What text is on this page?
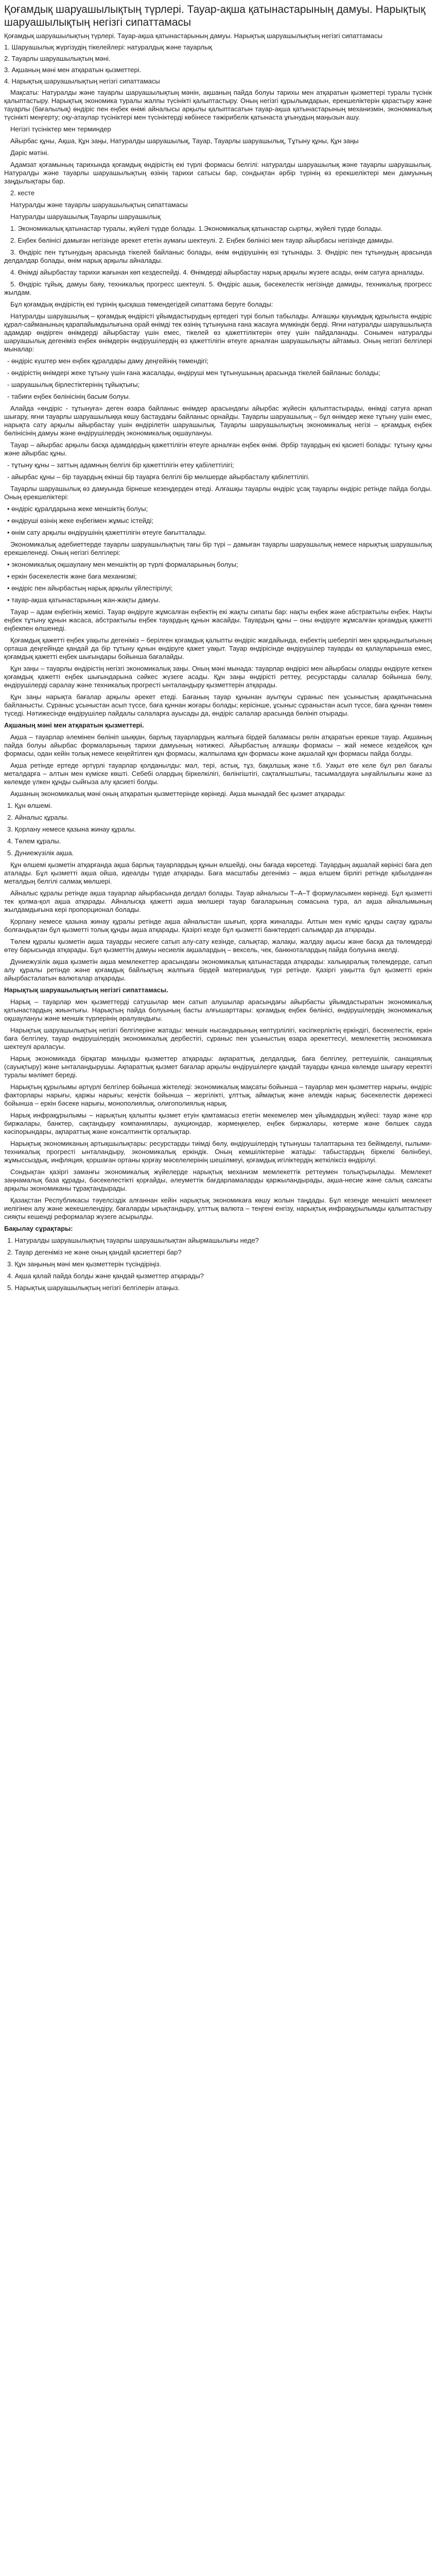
Қоғамдық шаруашылықтың түрлері. Тауар-ақша қатынастарының дамуы. Нарықтық шаруашылықтың негізгі сипаттамасы

Қоғамдық шаруашылықтың түрлері. Тауар-ақша қатынастарының дамуы. Нарықтық шаруашылықтың негізгі сипаттамасы

1. Шаруашылық жүргізудің тікелейлері: натуралдық және тауарлық

2. Тауарлы шаруашылықтың мәні.

3. Ақшаның мәні мен атқаратын қызметтері.

4. Нарықтық шаруашылықтың негізгі сипаттамасы

Мақсаты: Натуралды және тауарлы шаруашылықтың мәнін, ақшаның пайда болуы тарихы мен атқаратын қызметтері туралы түсінік қалыптастыру. Нарықтық экономика туралы жалпы түсінікті қалыптастыру. Оның негізгі құрылымдарын, ерекшеліктерін қарастыру және тауарлы (бағалылық) өндіріс пен еңбек өнімі айналысы арқылы қалыптасатын тауар-ақша қатынастарының механизмін, экономикалық түсінікті меңгерту; оқу-атаулар түсініктері мен түсініктерді көбінесе тәжірибелік қатынаста ұғынудың маңызын ашу.

Негізгі түсініктер мен терминдер

Айырбас құны, Ақша, Құн заңы, Натуралды шаруашылық, Тауар, Тауарлы шаруашылық, Тұтыну құны, Құн заңы

Дәріс мәтіні.

Адамзат қоғамының тарихында қоғамдық өндірістің екі түрлі формасы белгілі: натуралды шаруашылық және тауарлы шаруашылық. Натуралды және тауарлы шаруашылықтың өзінің тарихи сатысы бар, сондықтан әрбір түрінің өз ерекшеліктері мен дамуының заңдылықтары бар.

2. кесте

Натуралды және тауарлы шаруашылықтың сипаттамасы

Натуралды шаруашылық Тауарлы шаруашылық

1. Экономикалық қатынастар туралы, жүйелі түрде болады. 1.Экономикалық қатынастар сыртқы, жүйелі түрде болады.

2. Еңбек бөлінісі дамыған негізінде әрекет ететін аумағы шектеулі. 2. Еңбек бөлінісі мен тауар айырбасы негізінде дамиды.

3. Өндіріс пен тұтынудың арасында тікелей байланыс болады, өнім өндірушінің өзі тұтынады. 3. Өндіріс пен тұтынудың арасында делдалдар болады, өнім нарық арқылы айналады.

4. Өнімді айырбастау тарихи жағынан көп кездеспейді. 4. Өнімдерді айырбастау нарық арқылы жүзеге асады, өнім сатуға арналады.

5. Өндіріс тұйық, дамуы баяу, техникалық прогресс шектеулі. 5. Өндіріс ашық, бәсекелестік негізінде дамиды, техникалық прогресс жылдам.

Бұл қоғамдық өндірістің екі түрінің қысқаша төмендегідей сипаттама беруге болады:

Натуралды шаруашылық – қоғамдық өндірісті ұйымдастырудың ертедегі түрі болып табылады. Алғашқы қауымдық құрылыста өндіріс құрал-сайманының қарапайымдылығына орай өнімді тек өзінің тұтынуына ғана жасауға мүмкіндік берді. Яғни натуралды шаруашылықта адамдар өндірген өнімдерді айырбастау үшін емес, тікелей өз қажеттіліктерін өтеу үшін пайдаланады. Сонымен натуралды шаруашылық дегеніміз еңбек өнімдерін өндірушілердің өз қажеттілігін өтеуге арналған шаруашылықты айтамыз. Оның негізгі белгілері мыналар:

- өндіріс күштер мен еңбек құралдары даму деңгейінің төмендігі;

- өндірістің өнімдері жеке тұтыну үшін ғана жасалады, өндіруші мен тұтынушының арасында тікелей байланыс болады;

- шаруашылық бірлестіктерінің тұйықтығы;

- табиғи еңбек бөлінісінің басым болуы.

Алайда «өндіріс - тұтынуға» деген өзара байланыс өнімдер арасындағы айырбас жүйесін қалыптастырады, өнімді сатуға арнап шығару, яғни тауарлы шаруашылыққа көшу бастаудағы байланыс орнайды. Тауарлы шаруашылық – бұл өнімдер жеке тұтыну үшін емес, нарықта сату арқылы айырбастау үшін өндірілетін шаруашылық. Тауарлы шаруашылықтың экономикалық негізі – қоғамдық еңбек бөлінісінің дамуы және өндірушілердің экономикалық оқшаулануы.

Тауар – айырбас арқылы басқа адамдардың қажеттілігін өтеуге арналған еңбек өнімі. Әрбір тауардың екі қасиеті болады: тұтыну құны және айырбас құны.

- тұтыну құны – заттың адамның белгілі бір қажеттілігін өтеу қабілеттілігі;

- айырбас құны – бір тауардың екінші бір тауарға белгілі бір мөлшерде айырбасталу қабілеттілігі.

Тауарлы шаруашылық өз дамуында бірнеше кезеңдерден өтеді. Алғашқы тауарлы өндіріс ұсақ тауарлы өндіріс ретінде пайда болды. Оның ерекшеліктері:

• өндіріс құралдарына жеке меншіктің болуы;

• өндіруші өзінің жеке еңбегімен жұмыс істейді;

• өнім сату арқылы өндірушінің қажеттілігін өтеуге бағытталады.

Экономикалық әдебиеттерде тауарлы шаруашылықтың тағы бір түрі – дамыған тауарлы шаруашылық немесе нарықтық шаруашылық ерекшеленеді. Оның негізгі белгілері:

• экономикалық оқшаулану мен меншіктің әр түрлі формаларының болуы;

• еркін бәсекелестік және баға механизмі;

• өндіріс пен айырбастың нарық арқылы үйлестірілуі;

• тауар-ақша қатынастарының жан-жақты дамуы.

Тауар – адам еңбегінің жемісі. Тауар өндіруге жұмсалған еңбектің екі жақты сипаты бар: нақты еңбек және абстрактылы еңбек. Нақты еңбек тұтыну құнын жасаса, абстрактылы еңбек тауардың құнын жасайды. Тауардың құны – оны өндіруге жұмсалған қоғамдық қажетті еңбекпен өлшенеді.

Қоғамдық қажетті еңбек уақыты дегеніміз – берілген қоғамдық қалыпты өндіріс жағдайында, еңбектің шеберлігі мен қарқындылығының орташа деңгейінде қандай да бір тұтыну құнын өндіруге қажет уақыт. Тауар өндірісінде өндірушілер тауарды өз қалауларынша емес, қоғамдық қажетті еңбек шығындары бойынша бағалайды.

Құн заңы – тауарлы өндірістің негізгі экономикалық заңы. Оның мәні мынада: тауарлар өндірісі мен айырбасы оларды өндіруге кеткен қоғамдық қажетті еңбек шығындарына сәйкес жүзеге асады. Құн заңы өндірісті реттеу, ресурстарды салалар бойынша бөлу, өндірушілерді саралау және техникалық прогресті ынталандыру қызметтерін атқарады.

Құн заңы нарықта бағалар арқылы әрекет етеді. Бағаның тауар құнынан ауытқуы сұраныс пен ұсыныстың арақатынасына байланысты. Сұраныс ұсыныстан асып түссе, баға құннан жоғары болады; керісінше, ұсыныс сұраныстан асып түссе, баға құннан төмен түседі. Нәтижесінде өндірушілер пайдалы салаларға ауысады да, өндіріс салалар арасында бөлініп отырады.

Ақшаның мәні мен атқаратын қызметтері.

Ақша – тауарлар әлемінен бөлініп шыққан, барлық тауарлардың жалпыға бірдей баламасы рөлін атқаратын ерекше тауар. Ақшаның пайда болуы айырбас формаларының тарихи дамуының нәтижесі. Айырбастың алғашқы формасы – жай немесе кездейсоқ құн формасы, одан кейін толық немесе кеңейтілген құн формасы, жалпылама құн формасы және ақшалай құн формасы пайда болды.

Ақша ретінде ертеде әртүрлі тауарлар қолданылды: мал, тері, астық, тұз, бақалшық және т.б. Уақыт өте келе бұл рөл бағалы металдарға – алтын мен күміске көшті. Себебі олардың біркелкілігі, бөлінгіштігі, сақталғыштығы, тасымалдауға ыңғайлылығы және аз көлемде үлкен құнды сыйғыза алу қасиеті болды.

Ақшаның экономикалық мәні оның атқаратын қызметтерінде көрінеді. Ақша мынадай бес қызмет атқарады:

1. Құн өлшемі.

2. Айналыс құралы.

3. Қорлану немесе қазына жинау құралы.

4. Төлем құралы.

5. Дүниежүзілік ақша.

Құн өлшемі қызметін атқарғанда ақша барлық тауарлардың құнын өлшейді, оны бағада көрсетеді. Тауардың ақшалай көрінісі баға деп аталады. Бұл қызметті ақша ойша, идеалды түрде атқарады. Баға масштабы дегеніміз – ақша өлшем бірлігі ретінде қабылданған металдың белгілі салмақ мөлшері.

Айналыс құралы ретінде ақша тауарлар айырбасында делдал болады. Тауар айналысы Т–А–Т формуласымен көрінеді. Бұл қызметті тек қолма-қол ақша атқарады. Айналысқа қажетті ақша мөлшері тауар бағаларының сомасына тура, ал ақша айналымының жылдамдығына кері пропорционал болады.

Қорлану немесе қазына жинау құралы ретінде ақша айналыстан шығып, қорға жиналады. Алтын мен күміс құнды сақтау құралы болғандықтан бұл қызметті толық құнды ақша атқарады. Қазіргі кезде бұл қызметті банктердегі салымдар да атқарады.

Төлем құралы қызметін ақша тауарды несиеге сатып алу-сату кезінде, салықтар, жалақы, жалдау ақысы және басқа да төлемдерді өтеу барысында атқарады. Бұл қызметтің дамуы несиелік ақшалардың – вексель, чек, банкноталардың пайда болуына әкелді.

Дүниежүзілік ақша қызметін ақша мемлекеттер арасындағы экономикалық қатынастарда атқарады: халықаралық төлемдерде, сатып алу құралы ретінде және қоғамдық байлықтың жалпыға бірдей материалдық түрі ретінде. Қазіргі уақытта бұл қызметті еркін айырбасталатын валюталар атқарады.

Нарықтық шаруашылықтың негізгі сипаттамасы.

Нарық – тауарлар мен қызметтерді сатушылар мен сатып алушылар арасындағы айырбасты ұйымдастыратын экономикалық қатынастардың жиынтығы. Нарықтың пайда болуының басты алғышарттары: қоғамдық еңбек бөлінісі, өндірушілердің экономикалық оқшаулануы және меншік түрлерінің әралуандығы.

Нарықтық шаруашылықтың негізгі белгілеріне жатады: меншік нысандарының көптүрлілігі, кәсіпкерліктің еркіндігі, бәсекелестік, еркін баға белгілеу, тауар өндірушілердің экономикалық дербестігі, сұраныс пен ұсыныстың өзара әрекеттесуі, мемлекеттің экономикаға шектеулі араласуы.

Нарық экономикада бірқатар маңызды қызметтер атқарады: ақпараттық, делдалдық, баға белгілеу, реттеушілік, санациялық (сауықтыру) және ынталандырушы. Ақпараттық қызмет бағалар арқылы өндірушілерге қандай тауарды қанша көлемде шығару керектігі туралы мәлімет береді.

Нарықтың құрылымы әртүрлі белгілер бойынша жіктеледі: экономикалық мақсаты бойынша – тауарлар мен қызметтер нарығы, өндіріс факторлары нарығы, қаржы нарығы; кеңістік бойынша – жергілікті, ұлттық, аймақтық және әлемдік нарық; бәсекелестік дәрежесі бойынша – еркін бәсеке нарығы, монополиялық, олигополиялық нарық.

Нарық инфрақұрылымы – нарықтың қалыпты қызмет етуін қамтамасыз ететін мекемелер мен ұйымдардың жүйесі: тауар және қор биржалары, банктер, сақтандыру компаниялары, аукциондар, жәрмеңкелер, еңбек биржалары, көтерме және бөлшек сауда кәсіпорындары, ақпараттық және консалтингтік орталықтар.

Нарықтық экономиканың артықшылықтары: ресурстарды тиімді бөлу, өндірушілердің тұтынушы талаптарына тез бейімделуі, ғылыми-техникалық прогресті ынталандыру, экономикалық еркіндік. Оның кемшіліктеріне жатады: табыстардың біркелкі бөлінбеуі, жұмыссыздық, инфляция, қоршаған ортаны қорғау мәселелерінің шешілмеуі, қоғамдық игіліктердің жеткіліксіз өндірілуі.

Сондықтан қазіргі заманғы экономикалық жүйелерде нарықтық механизм мемлекеттік реттеумен толықтырылады. Мемлекет заңнамалық база құрады, бәсекелестікті қорғайды, әлеуметтік бағдарламаларды қаржыландырады, ақша-несие және салық саясаты арқылы экономиканы тұрақтандырады.

Қазақстан Республикасы тәуелсіздік алғаннан кейін нарықтық экономикаға көшу жолын таңдады. Бұл кезеңде меншікті мемлекет иелігінен алу және жекешелендіру, бағаларды ырықтандыру, ұлттық валюта – теңгені енгізу, нарықтық инфрақұрылымды қалыптастыру сияқты кешенді реформалар жүзеге асырылды.

Бақылау сұрақтары:

1. Натуралды шаруашылықтың тауарлы шаруашылықтан айырмашылығы неде?

2. Тауар дегеніміз не және оның қандай қасиеттері бар?

3. Құн заңының мәні мен қызметтерін түсіндіріңіз.

4. Ақша қалай пайда болды және қандай қызметтер атқарады?

5. Нарықтық шаруашылықтың негізгі белгілерін атаңыз.
